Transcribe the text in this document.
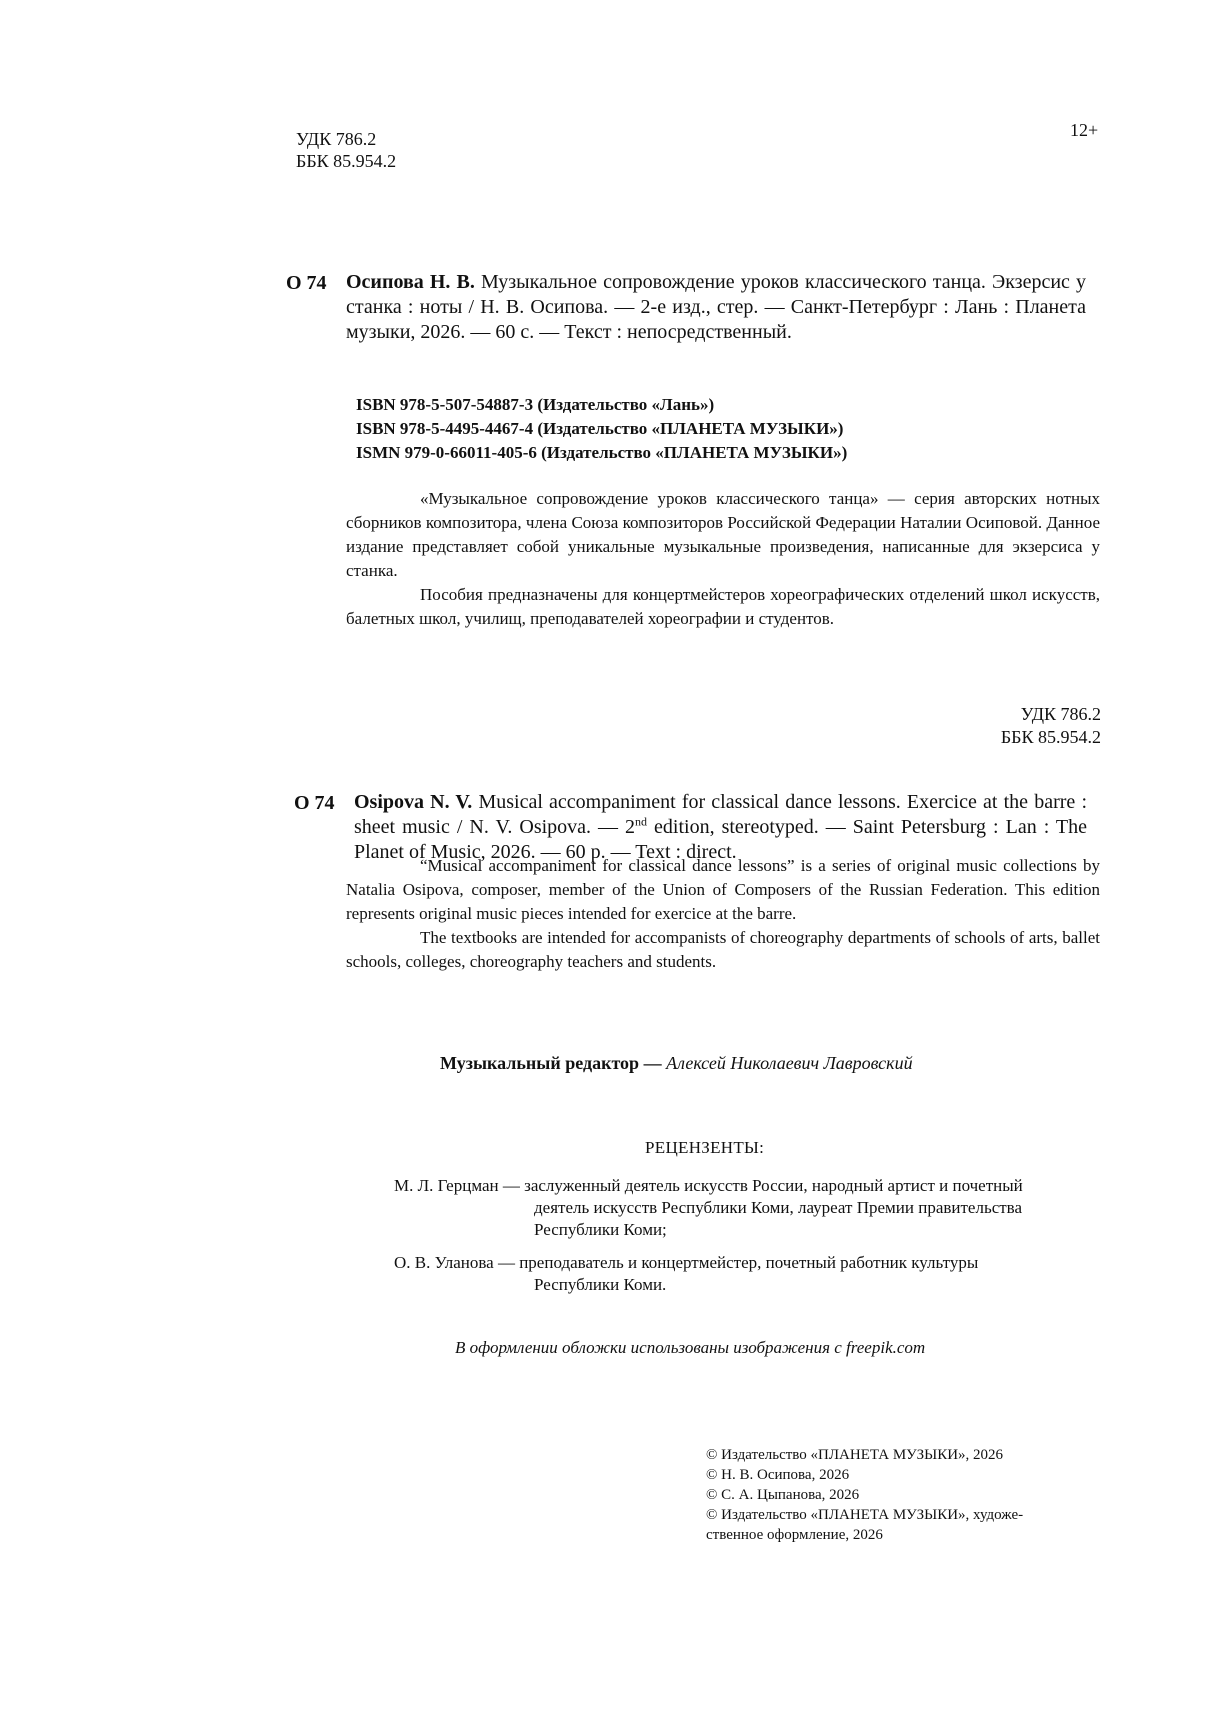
УДК 786.2
ББК 85.954.2
12+
О 74 Осипова Н. В. Музыкальное сопровождение уроков классического танца. Экзерсис у станка : ноты / Н. В. Осипова. — 2-е изд., стер. — Санкт-Петербург : Лань : Планета музыки, 2026. — 60 с. — Текст : непосредственный.
ISBN 978-5-507-54887-3 (Издательство «Лань»)
ISBN 978-5-4495-4467-4 (Издательство «ПЛАНЕТА МУЗЫКИ»)
ISMN 979-0-66011-405-6 (Издательство «ПЛАНЕТА МУЗЫКИ»)

«Музыкальное сопровождение уроков классического танца» — серия авторских нотных сборников композитора, члена Союза композиторов Российской Федерации Наталии Осиповой. Данное издание представляет собой уникальные музыкальные произведения, написанные для экзерсиса у станка.

Пособия предназначены для концертмейстеров хореографических отделений школ искусств, балетных школ, училищ, преподавателей хореографии и студентов.

УДК 786.2
ББК 85.954.2
O 74 Osipova N. V. Musical accompaniment for classical dance lessons. Exercice at the barre : sheet music / N. V. Osipova. — 2nd edition, stereotyped. — Saint Petersburg : Lan : The Planet of Music, 2026. — 60 p. — Text : direct.

“Musical accompaniment for classical dance lessons” is a series of original music collections by Natalia Osipova, composer, member of the Union of Composers of the Russian Federation. This edition represents original music pieces intended for exercice at the barre.

The textbooks are intended for accompanists of choreography departments of schools of arts, ballet schools, colleges, choreography teachers and students.

Музыкальный редактор — Алексей Николаевич Лавровский
РЕЦЕНЗЕНТЫ:
М. Л. Герцман — заслуженный деятель искусств России, народный артист и почетный
деятель искусств Республики Коми, лауреат Премии правительства
Республики Коми;
О. В. Уланова — преподаватель и концертмейстер, почетный работник культуры
Республики Коми.
В оформлении обложки использованы изображения с freepik.com
© Издательство «ПЛАНЕТА МУЗЫКИ», 2026
© Н. В. Осипова, 2026
© С. А. Цыпанова, 2026
© Издательство «ПЛАНЕТА МУЗЫКИ», художе-
ственное оформление, 2026
